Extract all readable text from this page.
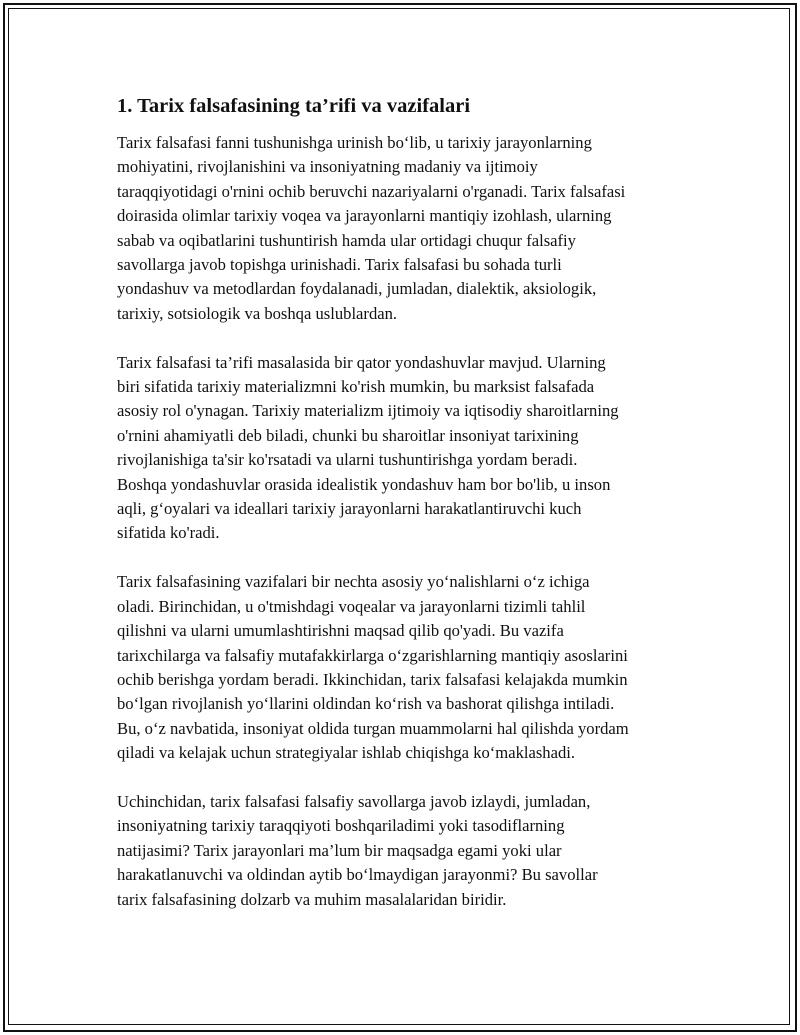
1. Tarix falsafasining ta’rifi va vazifalari
Tarix falsafasi fanni tushunishga urinish bo‘lib, u tarixiy jarayonlarning
mohiyatini, rivojlanishini va insoniyatning madaniy va ijtimoiy
taraqqiyotidagi o'rnini ochib beruvchi nazariyalarni o'rganadi. Tarix falsafasi
doirasida olimlar tarixiy voqea va jarayonlarni mantiqiy izohlash, ularning
sabab va oqibatlarini tushuntirish hamda ular ortidagi chuqur falsafiy
savollarga javob topishga urinishadi. Tarix falsafasi bu sohada turli
yondashuv va metodlardan foydalanadi, jumladan, dialektik, aksiologik,
tarixiy, sotsiologik va boshqa uslublardan.
Tarix falsafasi ta’rifi masalasida bir qator yondashuvlar mavjud. Ularning
biri sifatida tarixiy materializmni ko'rish mumkin, bu marksist falsafada
asosiy rol o'ynagan. Tarixiy materializm ijtimoiy va iqtisodiy sharoitlarning
o'rnini ahamiyatli deb biladi, chunki bu sharoitlar insoniyat tarixining
rivojlanishiga ta'sir ko'rsatadi va ularni tushuntirishga yordam beradi.
Boshqa yondashuvlar orasida idealistik yondashuv ham bor bo'lib, u inson
aqli, g‘oyalari va ideallari tarixiy jarayonlarni harakatlantiruvchi kuch
sifatida ko'radi.
Tarix falsafasining vazifalari bir nechta asosiy yo‘nalishlarni o‘z ichiga
oladi. Birinchidan, u o'tmishdagi voqealar va jarayonlarni tizimli tahlil
qilishni va ularni umumlashtirishni maqsad qilib qo'yadi. Bu vazifa
tarixchilarga va falsafiy mutafakkirlarga o‘zgarishlarning mantiqiy asoslarini
ochib berishga yordam beradi. Ikkinchidan, tarix falsafasi kelajakda mumkin
bo‘lgan rivojlanish yo‘llarini oldindan ko‘rish va bashorat qilishga intiladi.
Bu, o‘z navbatida, insoniyat oldida turgan muammolarni hal qilishda yordam
qiladi va kelajak uchun strategiyalar ishlab chiqishga ko‘maklashadi.
Uchinchidan, tarix falsafasi falsafiy savollarga javob izlaydi, jumladan,
insoniyatning tarixiy taraqqiyoti boshqariladimi yoki tasodiflarning
natijasimi? Tarix jarayonlari ma’lum bir maqsadga egami yoki ular
harakatlanuvchi va oldindan aytib bo‘lmaydigan jarayonmi? Bu savollar
tarix falsafasining dolzarb va muhim masalalaridan biridir.
